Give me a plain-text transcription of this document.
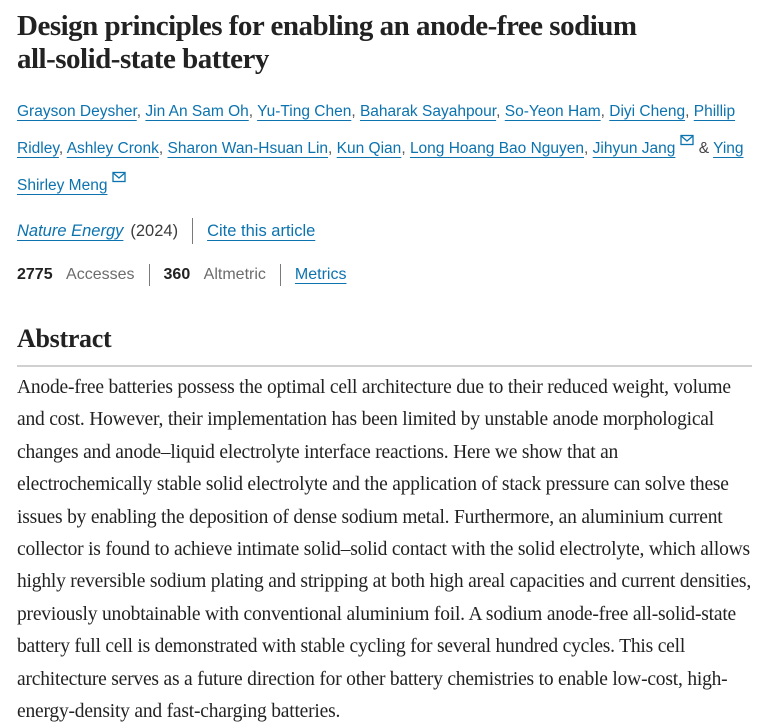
Design principles for enabling an anode-free sodium
all-solid-state battery
Grayson Deysher, Jin An Sam Oh, Yu-Ting Chen, Baharak Sayahpour, So-Yeon Ham, Diyi Cheng, Phillip Ridley, Ashley Cronk, Sharon Wan-Hsuan Lin, Kun Qian, Long Hoang Bao Nguyen, Jihyun Jang & Ying Shirley Meng
Nature Energy (2024) Cite this article
2775 Accesses 360 Altmetric Metrics
Abstract

Anode-free batteries possess the optimal cell architecture due to their reduced weight, volume and cost. However, their implementation has been limited by unstable anode morphological changes and anode–liquid electrolyte interface reactions. Here we show that an electrochemically stable solid electrolyte and the application of stack pressure can solve these issues by enabling the deposition of dense sodium metal. Furthermore, an aluminium current collector is found to achieve intimate solid–solid contact with the solid electrolyte, which allows highly reversible sodium plating and stripping at both high areal capacities and current densities, previously unobtainable with conventional aluminium foil. A sodium anode-free all-solid-state battery full cell is demonstrated with stable cycling for several hundred cycles. This cell architecture serves as a future direction for other battery chemistries to enable low-cost, high-energy-density and fast-charging batteries.
